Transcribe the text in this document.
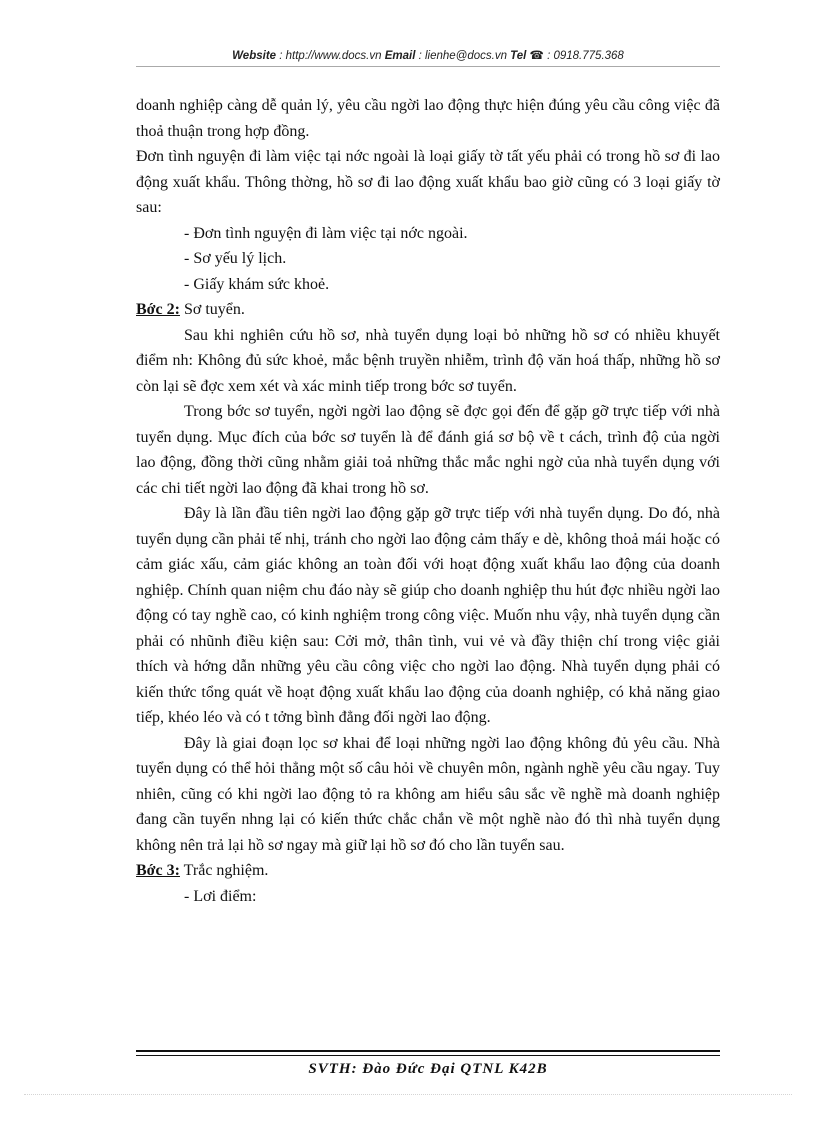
Website : http://www.docs.vn Email : lienhe@docs.vn Tel ☎ : 0918.775.368

doanh nghiệp càng dễ quản lý, yêu cầu ngời lao động thực hiện đúng yêu cầu công việc đã thoả thuận trong hợp đồng.

Đơn tình nguyện đi làm việc tại nớc ngoài là loại giấy tờ tất yếu phải có trong hồ sơ đi lao động xuất khẩu. Thông thờng, hồ sơ đi lao động xuất khẩu bao giờ cũng có 3 loại giấy tờ sau:

- Đơn tình nguyện đi làm việc tại nớc ngoài.

- Sơ yếu lý lịch.

- Giấy khám sức khoẻ.

Bớc 2: Sơ tuyển.

Sau khi nghiên cứu hồ sơ, nhà tuyển dụng loại bỏ những hồ sơ có nhiều khuyết điểm nh: Không đủ sức khoẻ, mắc bệnh truyền nhiễm, trình độ văn hoá thấp, những hồ sơ còn lại sẽ đợc xem xét và xác minh tiếp trong bớc sơ tuyển.

Trong bớc sơ tuyển, ngời ngời lao động sẽ đợc gọi đến để gặp gỡ trực tiếp với nhà tuyển dụng. Mục đích của bớc sơ tuyển là để đánh giá sơ bộ về t cách, trình độ của ngời lao động, đồng thời cũng nhằm giải toả những thắc mắc nghi ngờ của nhà tuyển dụng với các chi tiết ngời lao động đã khai trong hồ sơ.

Đây là lần đầu tiên ngời lao động gặp gỡ trực tiếp với nhà tuyển dụng. Do đó, nhà tuyển dụng cần phải tế nhị, tránh cho ngời lao động cảm thấy e dè, không thoả mái hoặc có cảm giác xấu, cảm giác không an toàn đối với hoạt động xuất khẩu lao động của doanh nghiệp. Chính quan niệm chu đáo này sẽ giúp cho doanh nghiệp thu hút đợc nhiều ngời lao động có tay nghề cao, có kinh nghiệm trong công việc. Muốn nhu vậy, nhà tuyển dụng cần phải có nhũnh điều kiện sau: Cởi mở, thân tình, vui vẻ và đầy thiện chí trong việc giải thích và hớng dẫn những yêu cầu công việc cho ngời lao động. Nhà tuyển dụng phải có kiến thức tổng quát về hoạt động xuất khẩu lao động của doanh nghiệp, có khả năng giao tiếp, khéo léo và có t tởng bình đẳng đối ngời lao động.

Đây là giai đoạn lọc sơ khai để loại những ngời lao động không đủ yêu cầu. Nhà tuyển dụng có thể hỏi thẳng một số câu hỏi về chuyên môn, ngành nghề yêu cầu ngay. Tuy nhiên, cũng có khi ngời lao động tỏ ra không am hiểu sâu sắc về nghề mà doanh nghiệp đang cần tuyển nhng lại có kiến thức chắc chắn về một nghề nào đó thì nhà tuyển dụng không nên trả lại hồ sơ ngay mà giữ lại hồ sơ đó cho lần tuyển sau.

Bớc 3: Trắc nghiệm.

- Lơi điểm:

SVTH: Đào Đức Đại QTNL K42B
